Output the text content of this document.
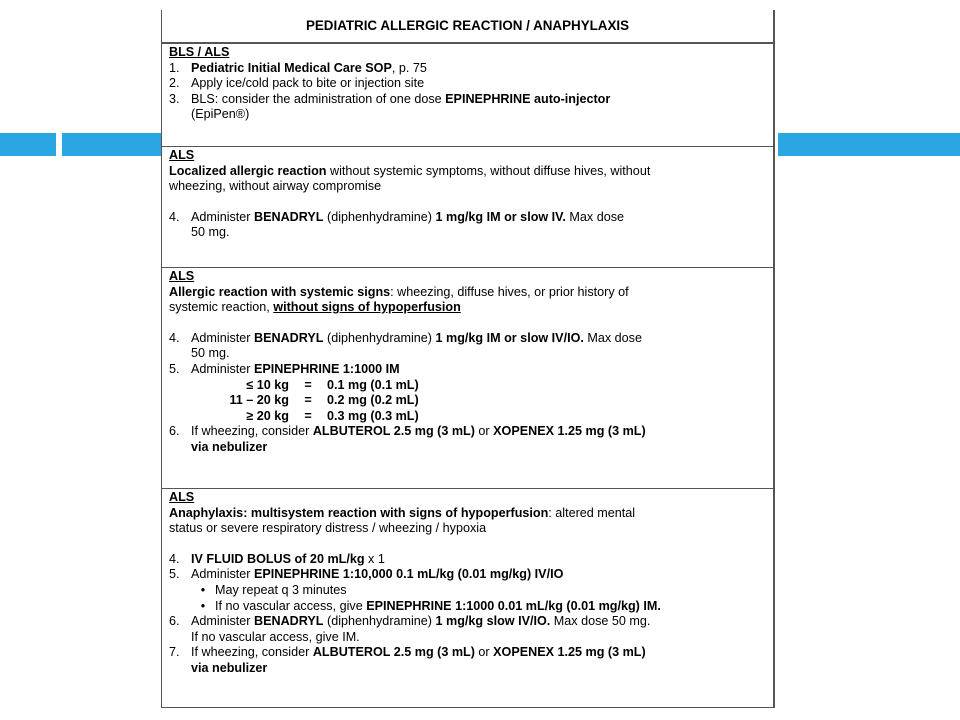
PEDIATRIC ALLERGIC REACTION / ANAPHYLAXIS
BLS / ALS
1. Pediatric Initial Medical Care SOP, p. 75
2. Apply ice/cold pack to bite or injection site
3. BLS: consider the administration of one dose EPINEPHRINE auto-injector
(EpiPen®)
ALS
Localized allergic reaction without systemic symptoms, without diffuse hives, without
wheezing, without airway compromise
4. Administer BENADRYL (diphenhydramine) 1 mg/kg IM or slow IV. Max dose
50 mg.
ALS
Allergic reaction with systemic signs: wheezing, diffuse hives, or prior history of
systemic reaction, without signs of hypoperfusion
4. Administer BENADRYL (diphenhydramine) 1 mg/kg IM or slow IV/IO. Max dose
50 mg.
5. Administer EPINEPHRINE 1:1000 IM
≤ 10 kg = 0.1 mg (0.1 mL)
11 – 20 kg = 0.2 mg (0.2 mL)
≥ 20 kg = 0.3 mg (0.3 mL)
6. If wheezing, consider ALBUTEROL 2.5 mg (3 mL) or XOPENEX 1.25 mg (3 mL)
via nebulizer
ALS
Anaphylaxis: multisystem reaction with signs of hypoperfusion: altered mental
status or severe respiratory distress / wheezing / hypoxia
4. IV FLUID BOLUS of 20 mL/kg x 1
5. Administer EPINEPHRINE 1:10,000 0.1 mL/kg (0.01 mg/kg) IV/IO
• May repeat q 3 minutes
• If no vascular access, give EPINEPHRINE 1:1000 0.01 mL/kg (0.01 mg/kg) IM.
6. Administer BENADRYL (diphenhydramine) 1 mg/kg slow IV/IO. Max dose 50 mg.
If no vascular access, give IM.
7. If wheezing, consider ALBUTEROL 2.5 mg (3 mL) or XOPENEX 1.25 mg (3 mL)
via nebulizer
